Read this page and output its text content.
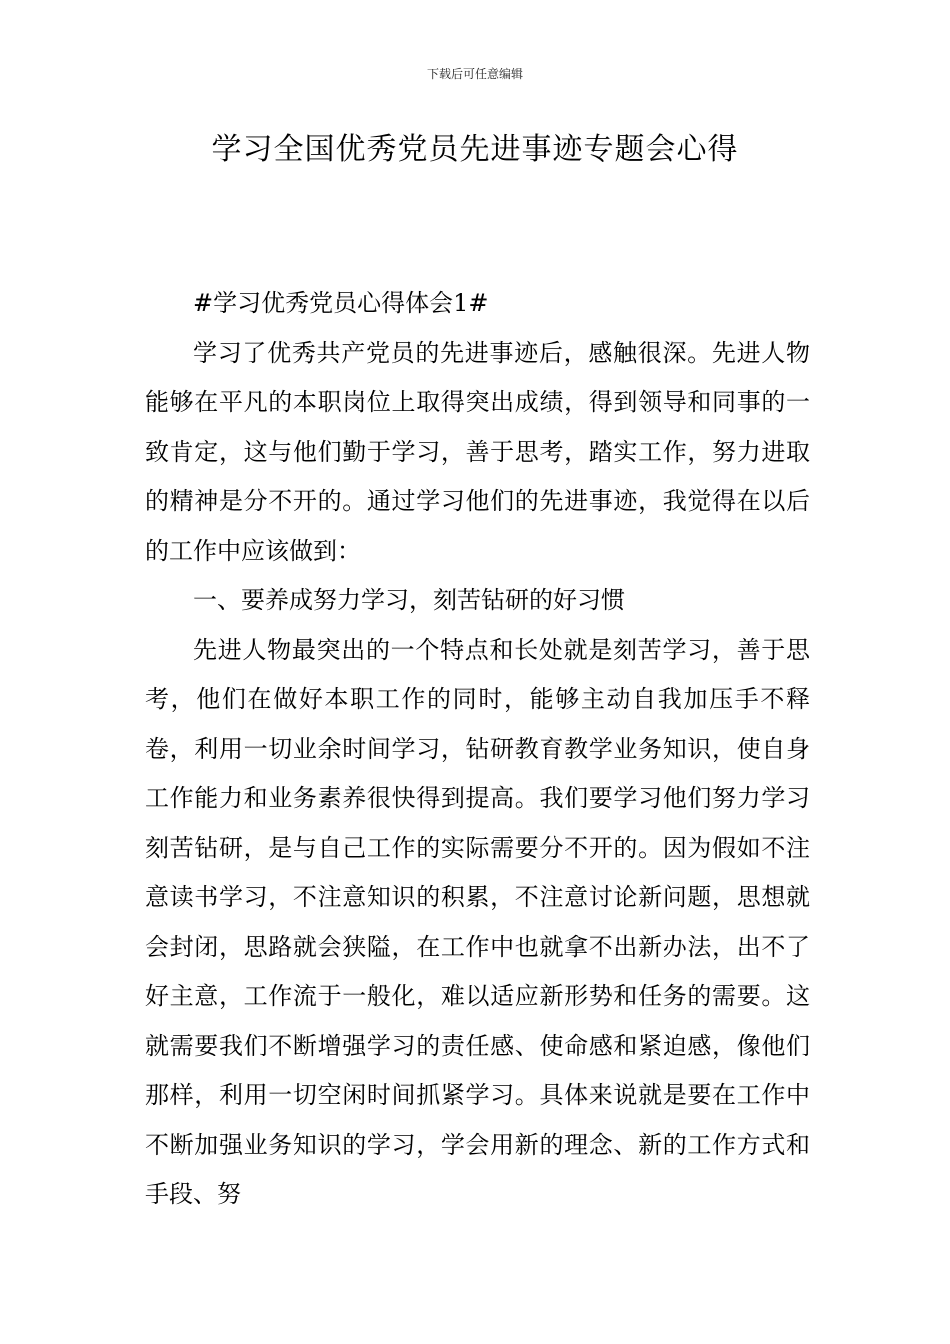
下载后可任意编辑
学习全国优秀党员先进事迹专题会心得

#学习优秀党员心得体会1#

学习了优秀共产党员的先进事迹后，感触很深。先进人物能够在平凡的本职岗位上取得突出成绩，得到领导和同事的一致肯定，这与他们勤于学习，善于思考，踏实工作，努力进取的精神是分不开的。通过学习他们的先进事迹，我觉得在以后的工作中应该做到：

一、要养成努力学习，刻苦钻研的好习惯

先进人物最突出的一个特点和长处就是刻苦学习，善于思考，他们在做好本职工作的同时，能够主动自我加压手不释卷，利用一切业余时间学习，钻研教育教学业务知识，使自身工作能力和业务素养很快得到提高。我们要学习他们努力学习刻苦钻研，是与自己工作的实际需要分不开的。因为假如不注意读书学习，不注意知识的积累，不注意讨论新问题，思想就会封闭，思路就会狭隘，在工作中也就拿不出新办法，出不了好主意，工作流于一般化，难以适应新形势和任务的需要。这就需要我们不断增强学习的责任感、使命感和紧迫感，像他们那样，利用一切空闲时间抓紧学习。具体来说就是要在工作中不断加强业务知识的学习，学会用新的理念、新的工作方式和手段、努
